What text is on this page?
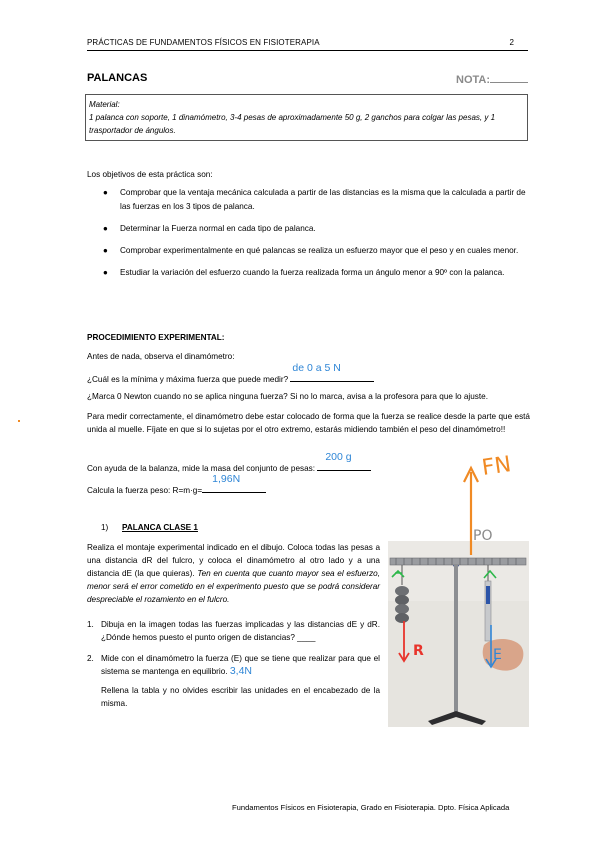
PRÁCTICAS DE FUNDAMENTOS FÍSICOS EN FISIOTERAPIA	2
PALANCAS	NOTA:
Material:
1 palanca con soporte, 1 dinamómetro, 3-4 pesas de aproximadamente 50 g, 2 ganchos para colgar las pesas, y 1 trasportador de ángulos.
Los objetivos de esta práctica son:
● Comprobar que la ventaja mecánica calculada a partir de las distancias es la misma que la calculada a partir de las fuerzas en los 3 tipos de palanca.
● Determinar la Fuerza normal en cada tipo de palanca.
● Comprobar experimentalmente en qué palancas se realiza un esfuerzo mayor que el peso y en cuales menor.
● Estudiar la variación del esfuerzo cuando la fuerza realizada forma un ángulo menor a 90º con la palanca.
PROCEDIMIENTO EXPERIMENTAL:
Antes de nada, observa el dinamómetro:
¿Cuál es la mínima y máxima fuerza que puede medir?
de 0 a 5 N
¿Marca 0 Newton cuando no se aplica ninguna fuerza? Si no lo marca, avisa a la profesora para que lo ajuste.
Para medir correctamente, el dinamómetro debe estar colocado de forma que la fuerza se realice desde la parte que está unida al muelle. Fíjate en que si lo sujetas por el otro extremo, estarás midiendo también el peso del dinamómetro!!
Con ayuda de la balanza, mide la masa del conjunto de pesas:
200 g
Calcula la fuerza peso: R=m·g=
1,96N
1) PALANCA CLASE 1
Realiza el montaje experimental indicado en el dibujo. Coloca todas las pesas a una distancia dR del fulcro, y coloca el dinamómetro al otro lado y a una distancia dE (la que quieras). Ten en cuenta que cuanto mayor sea el esfuerzo, menor será el error cometido en el experimento puesto que se podrá considerar despreciable el rozamiento en el fulcro.
1. Dibuja en la imagen todas las fuerzas implicadas y las distancias dE y dR. ¿Dónde hemos puesto el punto origen de distancias? ____
2. Mide con el dinamómetro la fuerza (E) que se tiene que realizar para que el sistema se mantenga en equilibrio. 3,4N
Rellena la tabla y no olvides escribir las unidades en el encabezado de la misma.
FN
PO
R	E
Fundamentos Físicos en Fisioterapia, Grado en Fisioterapia. Dpto. Física Aplicada
